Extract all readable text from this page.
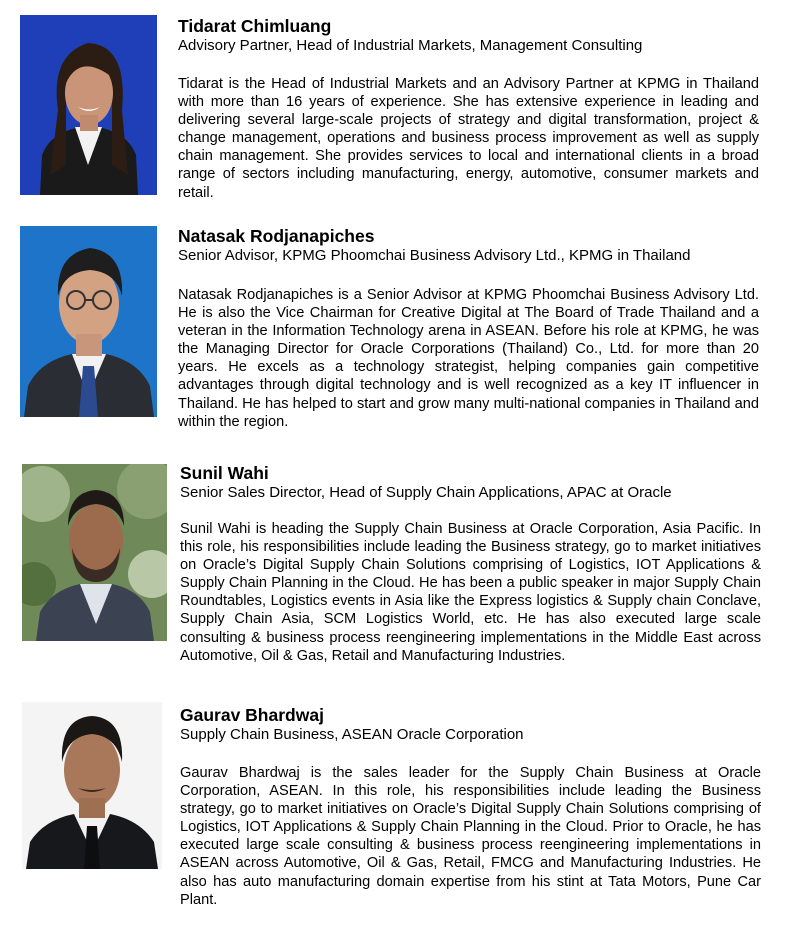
Tidarat Chimluang
Advisory Partner, Head of Industrial Markets, Management Consulting
Tidarat is the Head of Industrial Markets and an Advisory Partner at KPMG in Thailand with more than 16 years of experience. She has extensive experience in leading and delivering several large-scale projects of strategy and digital transformation, project & change management, operations and business process improvement as well as supply chain management. She provides services to local and international clients in a broad range of sectors including manufacturing, energy, automotive, consumer markets and retail.
Natasak Rodjanapiches
Senior Advisor, KPMG Phoomchai Business Advisory Ltd., KPMG in Thailand
Natasak Rodjanapiches is a Senior Advisor at KPMG Phoomchai Business Advisory Ltd. He is also the Vice Chairman for Creative Digital at The Board of Trade Thailand and a veteran in the Information Technology arena in ASEAN. Before his role at KPMG, he was the Managing Director for Oracle Corporations (Thailand) Co., Ltd. for more than 20 years. He excels as a technology strategist, helping companies gain competitive advantages through digital technology and is well recognized as a key IT influencer in Thailand. He has helped to start and grow many multi-national companies in Thailand and within the region.
Sunil Wahi
Senior Sales Director, Head of Supply Chain Applications, APAC at Oracle
Sunil Wahi is heading the Supply Chain Business at Oracle Corporation, Asia Pacific. In this role, his responsibilities include leading the Business strategy, go to market initiatives on Oracle’s Digital Supply Chain Solutions comprising of Logistics, IOT Applications & Supply Chain Planning in the Cloud. He has been a public speaker in major Supply Chain Roundtables, Logistics events in Asia like the Express logistics & Supply chain Conclave, Supply Chain Asia, SCM Logistics World, etc. He has also executed large scale consulting & business process reengineering implementations in the Middle East across Automotive, Oil & Gas, Retail and Manufacturing Industries.
Gaurav Bhardwaj
Supply Chain Business, ASEAN Oracle Corporation
Gaurav Bhardwaj is the sales leader for the Supply Chain Business at Oracle Corporation, ASEAN. In this role, his responsibilities include leading the Business strategy, go to market initiatives on Oracle’s Digital Supply Chain Solutions comprising of Logistics, IOT Applications & Supply Chain Planning in the Cloud. Prior to Oracle, he has executed large scale consulting & business process reengineering implementations in ASEAN across Automotive, Oil & Gas, Retail, FMCG and Manufacturing Industries. He also has auto manufacturing domain expertise from his stint at Tata Motors, Pune Car Plant.
